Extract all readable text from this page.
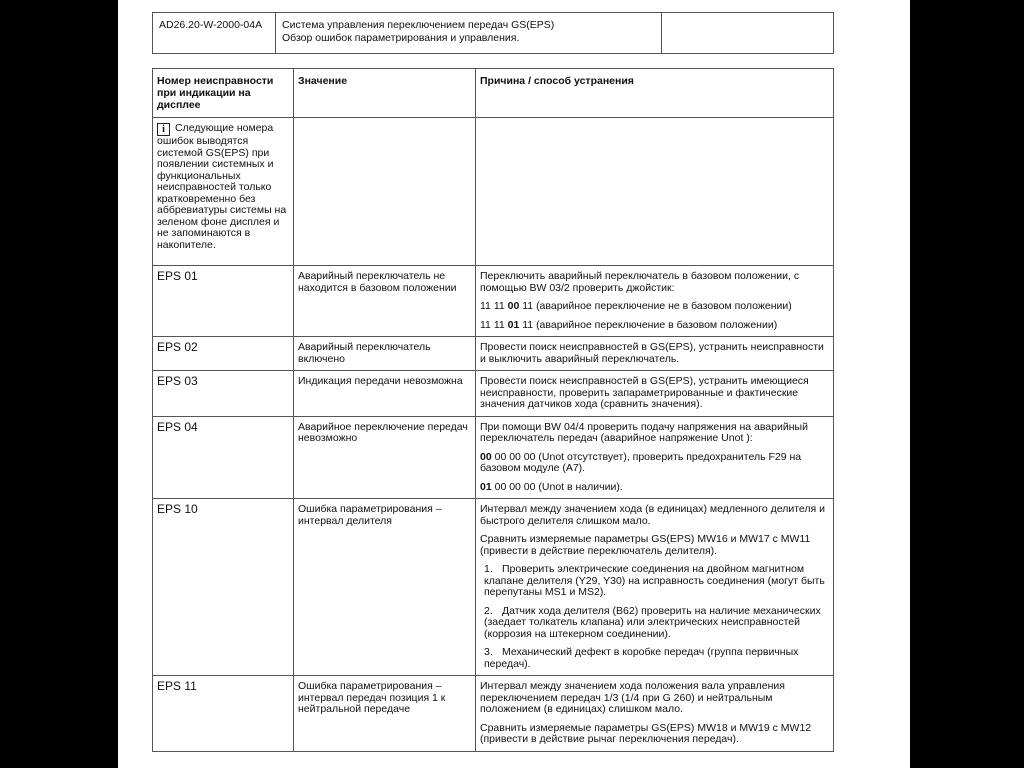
AD26.20-W-2000-04A	Система управления переключением передач GS(EPS)
Обзор ошибок параметрирования и управления.

Номер неисправности при индикации на дисплее	Значение	Причина / способ устранения
i Следующие номера ошибок выводятся системой GS(EPS) при появлении системных и функциональных неисправностей только кратковременно без аббревиатуры системы на зеленом фоне дисплея и не запоминаются в накопителе.		
EPS 01	Аварийный переключатель не находится в базовом положении	Переключить аварийный переключатель в базовом положении, с помощью BW 03/2 проверить джойстик:
11 11 00 11 (аварийное переключение не в базовом положении)
11 11 01 11 (аварийное переключение в базовом положении)

EPS 02	Аварийный переключатель включено	Провести поиск неисправностей в GS(EPS), устранить неисправности и выключить аварийный переключатель.

EPS 03	Индикация передачи невозможна	Провести поиск неисправностей в GS(EPS), устранить имеющиеся неисправности, проверить запараметрированные и фактические значения датчиков хода (сравнить значения).

EPS 04	Аварийное переключение передач невозможно	При помощи BW 04/4 проверить подачу напряжения на аварийный переключатель передач (аварийное напряжение Unot ):
00 00 00 00 (Unot отсутствует), проверить предохранитель F29 на базовом модуле (A7).
01 00 00 00 (Unot в наличии).

EPS 10	Ошибка параметрирования – интервал делителя	Интервал между значением хода (в единицах) медленного делителя и быстрого делителя слишком мало.
Сравнить измеряемые параметры GS(EPS) MW16 и MW17 с MW11 (привести в действие переключатель делителя).
1. Проверить электрические соединения на двойном магнитном клапане делителя (Y29, Y30) на исправность соединения (могут быть перепутаны MS1 и MS2).
2. Датчик хода делителя (B62) проверить на наличие механических (заедает толкатель клапана) или электрических неисправностей (коррозия на штекерном соединении).
3. Механический дефект в коробке передач (группа первичных передач).

EPS 11	Ошибка параметрирования – интервал передач позиция 1 к нейтральной передаче	Интервал между значением хода положения вала управления переключением передач 1/3 (1/4 при G 260) и нейтральным положением (в единицах) слишком мало.
Сравнить измеряемые параметры GS(EPS) MW18 и MW19 с MW12 (привести в действие рычаг переключения передач).
